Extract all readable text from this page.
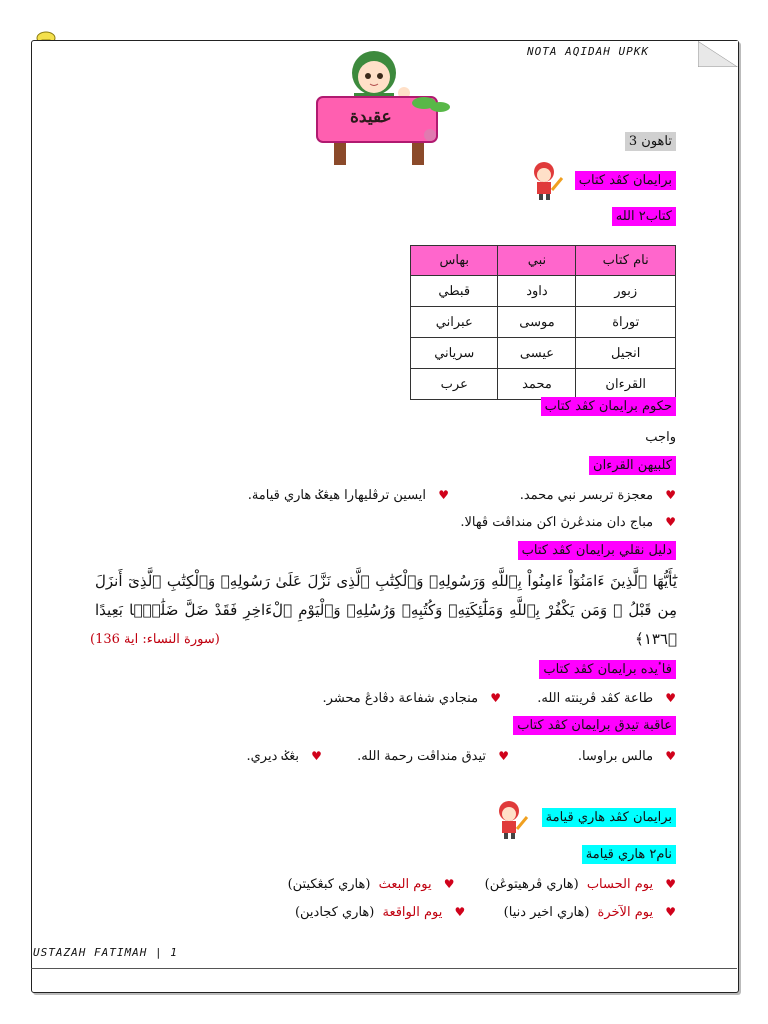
NOTA AQIDAH UPKK
عقيدة
تاهون 3
برايمان كڤد كتاب
كتاب٢ الله
نام كتاب	نبي	بهاس
زبور	داود	قبطي
توراة	موسى	عبراني
انجيل	عيسى	سرياني
القرءان	محمد	عرب
حكوم برايمان كڤد كتاب
واجب
كلبيهن القرءان
♥ معجزة تربسر نبي محمد. ♥ ايسين ترڤليهارا هيڠݢ هاري قيامة.
♥ مباج دان مندڠرڽ اكن منداڤت ڤهالا.
دليل نقلي برايمان كڤد كتاب
يَٰٓأَيُّهَا ٱلَّذِينَ ءَامَنُوٓاْ ءَامِنُواْ بِٱللَّهِ وَرَسُولِهِۦ وَٱلْكِتَٰبِ ٱلَّذِى نَزَّلَ عَلَىٰ رَسُولِهِۦ وَٱلْكِتَٰبِ ٱلَّذِىٓ أَنزَلَ مِن قَبْلُ ۚ وَمَن يَكْفُرْ بِٱللَّهِ وَمَلَٰٓئِكَتِهِۦ وَكُتُبِهِۦ وَرُسُلِهِۦ وَٱلْيَوْمِ ٱلْءَاخِرِ فَقَدْ ضَلَّ ضَلَٰلًۢا بَعِيدًا ﴿١٣٦﴾
(سورة النساء: اية 136)
فاٴيده برايمان كڤد كتاب
♥ طاعة كڤد ڤرينته الله. ♥ منجادي شفاعة دڤادڠ محشر.
عاقبة تيدق برايمان كڤد كتاب
♥ مالس براوسا. ♥ تيدق منداڤت رحمة الله. ♥ بڠݢ ديري.
برايمان كڤد هاري قيامة
نام٢ هاري قيامة
♥ يوم الحساب (هاري ڤرهيتوڠن) ♥ يوم البعث (هاري كبڠكيتن)
♥ يوم الآخرة (هاري اخير دنيا) ♥ يوم الواقعة (هاري كجادين)
USTAZAH FATIMAH | 1
